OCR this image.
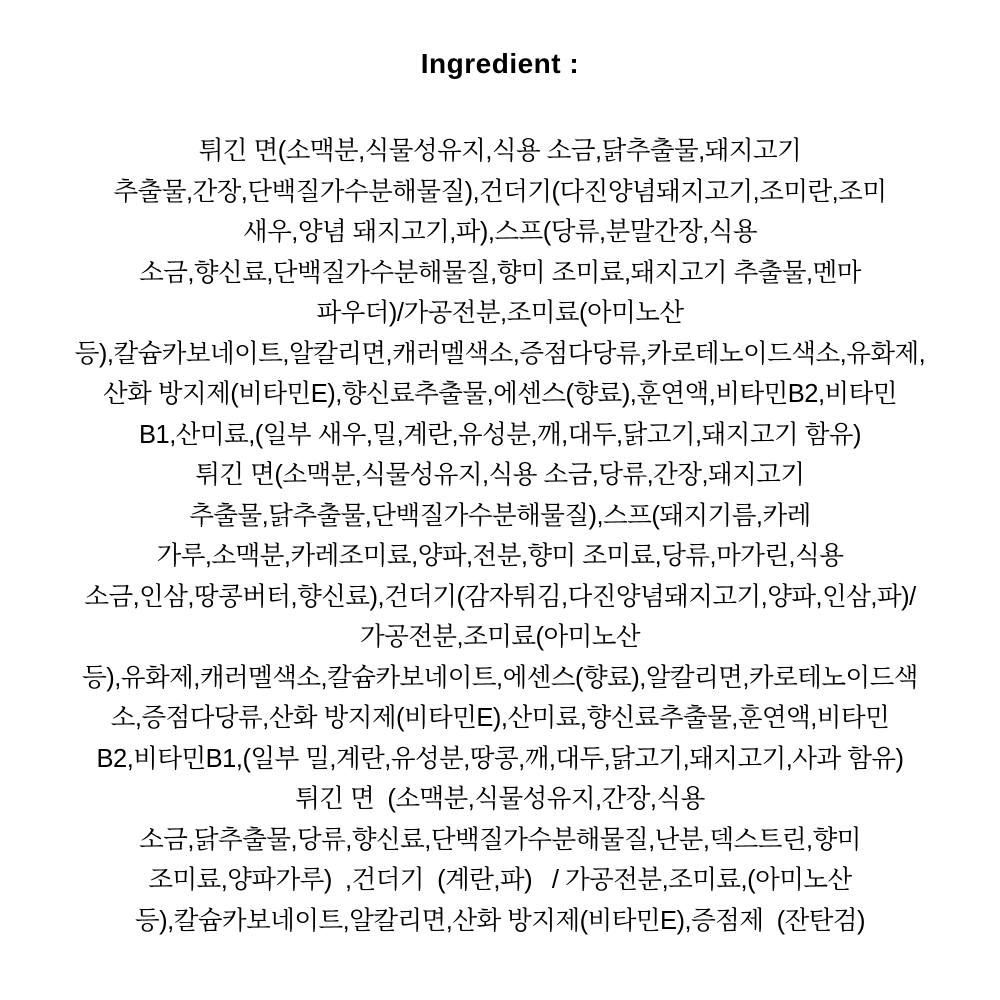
Ingredient :
튀긴 면(소맥분,식물성유지,식용 소금,닭추출물,돼지고기
추출물,간장,단백질가수분해물질),건더기(다진양념돼지고기,조미란,조미
새우,양념 돼지고기,파),스프(당류,분말간장,식용
소금,향신료,단백질가수분해물질,향미 조미료,돼지고기 추출물,멘마
파우더)/가공전분,조미료(아미노산
등),칼슘카보네이트,알칼리면,캐러멜색소,증점다당류,카로테노이드색소,유화제,
산화 방지제(비타민E),향신료추출물,에센스(향료),훈연액,비타민B2,비타민
B1,산미료,(일부 새우,밀,계란,유성분,깨,대두,닭고기,돼지고기 함유)
튀긴 면(소맥분,식물성유지,식용 소금,당류,간장,돼지고기
추출물,닭추출물,단백질가수분해물질),스프(돼지기름,카레
가루,소맥분,카레조미료,양파,전분,향미 조미료,당류,마가린,식용
소금,인삼,땅콩버터,향신료),건더기(감자튀김,다진양념돼지고기,양파,인삼,파)/
가공전분,조미료(아미노산
등),유화제,캐러멜색소,칼슘카보네이트,에센스(향료),알칼리면,카로테노이드색
소,증점다당류,산화 방지제(비타민E),산미료,향신료추출물,훈연액,비타민
B2,비타민B1,(일부 밀,계란,유성분,땅콩,깨,대두,닭고기,돼지고기,사과 함유)
튀긴 면  (소맥분,식물성유지,간장,식용
소금,닭추출물,당류,향신료,단백질가수분해물질,난분,덱스트린,향미
조미료,양파가루)  ,건더기  (계란,파)   / 가공전분,조미료,(아미노산
등),칼슘카보네이트,알칼리면,산화 방지제(비타민E),증점제  (잔탄검)
